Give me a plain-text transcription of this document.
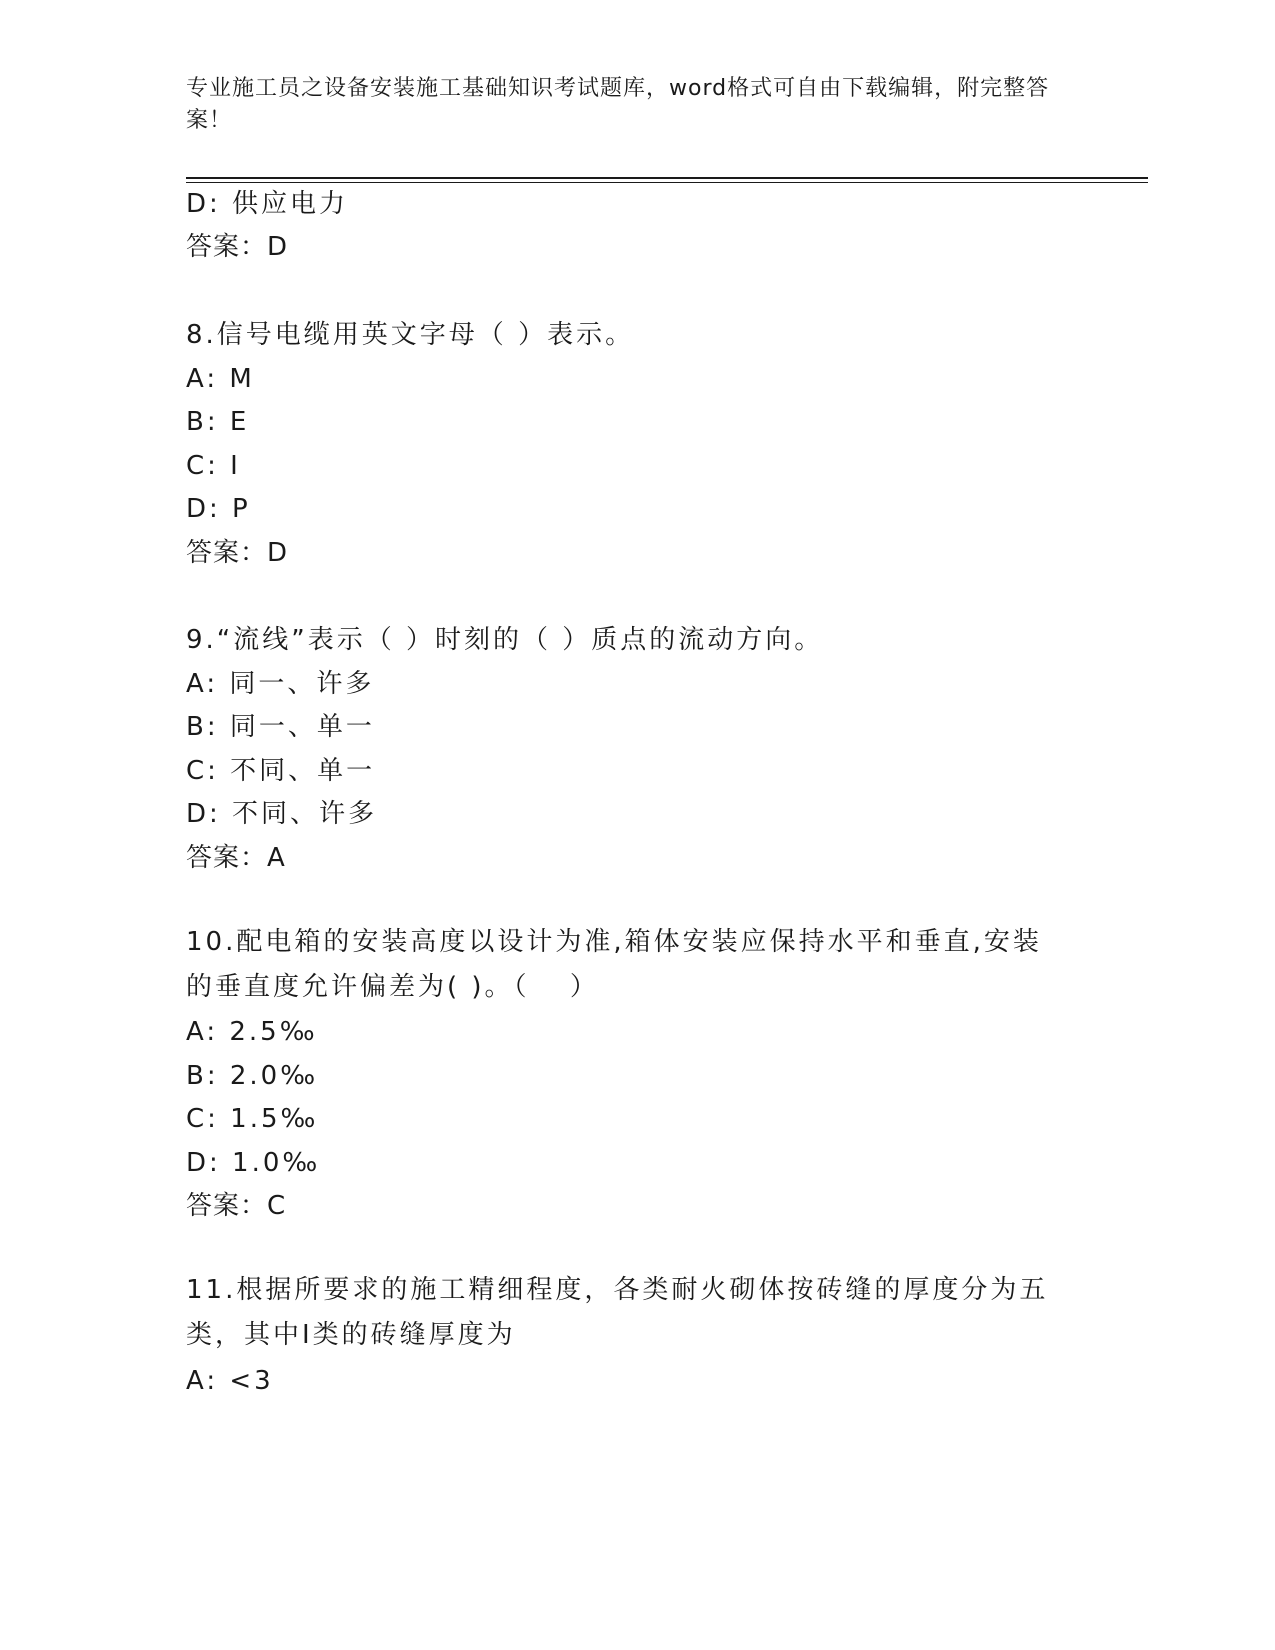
专业施工员之设备安装施工基础知识考试题库，word格式可自由下载编辑，附完整答案！
D: 供应电力
答案：D
8.信号电缆用英文字母（ ）表示。
A: M
B: E
C: I
D: P
答案：D
9.“流线”表示（ ）时刻的（ ）质点的流动方向。
A: 同一、许多
B: 同一、单一
C: 不同、单一
D: 不同、许多
答案：A
10.配电箱的安装高度以设计为准,箱体安装应保持水平和垂直,安装的垂直度允许偏差为( )。（　 ）
A: 2.5‰
B: 2.0‰
C: 1.5‰
D: 1.0‰
答案：C
11.根据所要求的施工精细程度，各类耐火砌体按砖缝的厚度分为五类，其中Ⅰ类的砖缝厚度为
A: <3
